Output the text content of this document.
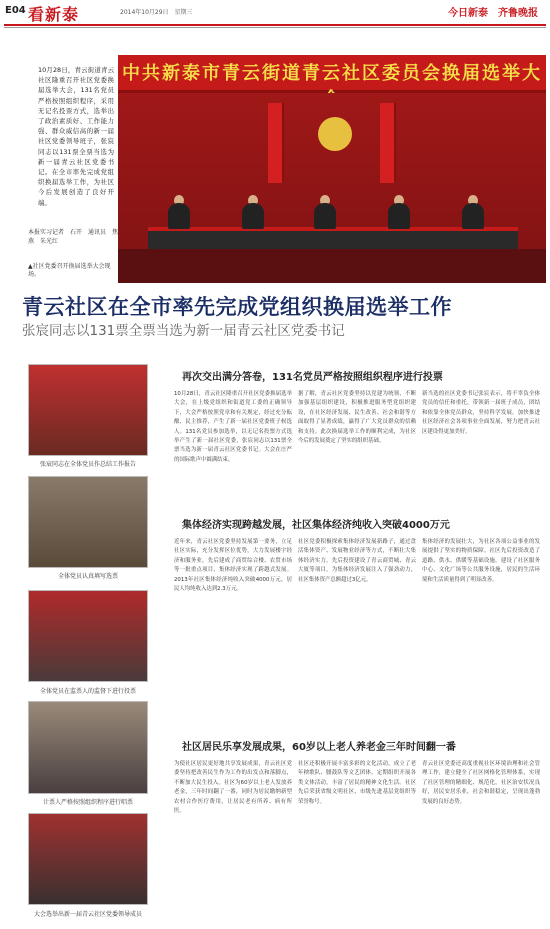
E04 看新泰	2014年10月29日　星期三	今日新泰　齐鲁晚报
10月28日，青云街道青云社区隆重召开社区党委换届选举大会，131名党员严格按照组织程序，采用无记名投票方式，选举出了政治素质好、工作能力强、群众威信高的新一届社区党委领导班子，张宸同志以131票全票当选为新一届青云社区党委书记。在全市率先完成党组织换届选举工作，为社区今后发展创造了良好开端。
本报实习记者　石开　通讯员　焦燕　朱光红
▲社区党委召开换届选举大会现场。
中共新泰市青云街道青云社区委员会换届选举大
青云社区在全市率先完成党组织换届选举工作
张宸同志以131票全票当选为新一届青云社区党委书记
张宸同志在全体党员作总结工作报告
全体党员认真填写选票
全体党员在监票人的监督下进行投票
计票人严格按照组织程序进行唱票
大会选举出新一届青云社区党委领导成员
再次交出满分答卷，131名党员严格按照组织程序进行投票
10月28日，青云社区隆重召开社区党委换届选举大会，在上级党组织和街道党工委的正确领导下，大会严格按照党章和有关规定，经过充分酝酿、民主推荐，产生了新一届社区党委班子候选人。131名党员参加选举，以无记名投票方式选举产生了新一届社区党委，张宸同志以131票全票当选为新一届青云社区党委书记。大会在庄严的国际歌声中圆满结束。
据了解，青云社区党委坚持以党建为统领，不断加强基层组织建设，积极推进服务型党组织建设，在社区经济发展、民生改善、社会和谐等方面取得了显著成绩，赢得了广大党员群众的信赖和支持。此次换届选举工作的顺利完成，为社区今后的发展奠定了坚实的组织基础。
新当选的社区党委书记张宸表示，将不辜负全体党员的信任和重托，带领新一届班子成员，团结和依靠全体党员群众，坚持科学发展，加快推进社区经济社会各项事业全面发展，努力把青云社区建设得更加美好。
集体经济实现跨越发展，社区集体经济纯收入突破4000万元
近年来，青云社区党委坚持发展第一要务，立足社区实际，充分发挥区位优势，大力发展楼宇经济和服务业，先后建成了商贸综合楼、农贸市场等一批重点项目，集体经济实现了跨越式发展。2013年社区集体经济纯收入突破4000万元，居民人均纯收入达到2.3万元。
社区党委积极探索集体经济发展新路子，通过盘活集体资产、发展物业经济等方式，不断壮大集体经济实力。先后投资建设了青云商贸城、青云大厦等项目，为集体经济发展注入了强劲动力，社区集体资产总额超过3亿元。
集体经济的发展壮大，为社区各项公益事业的发展提供了坚实的物质保障。社区先后投资改造了道路、供水、供暖等基础设施，建设了社区服务中心、文化广场等公共服务设施，居民的生活环境和生活质量得到了明显改善。
社区居民乐享发展成果，60岁以上老人养老金三年时间翻一番
为使社区居民更好地共享发展成果，青云社区党委坚持把改善民生作为工作的出发点和落脚点，不断加大民生投入。社区为60岁以上老人发放养老金，三年时间翻了一番，同时为居民缴纳新型农村合作医疗费用，让居民老有所养、病有所医。
社区还积极开展丰富多彩的文化活动，成立了老年秧歌队、腰鼓队等文艺团体，定期组织开展各类文体活动，丰富了居民的精神文化生活。社区先后荣获省级文明社区、市级先进基层党组织等荣誉称号。
青云社区党委还高度重视社区环境治理和社会管理工作，建立健全了社区网格化管理体系，实现了社区管理的精细化、规范化，社区治安状况良好，居民安居乐业，社会和谐稳定，呈现出蓬勃发展的良好态势。
